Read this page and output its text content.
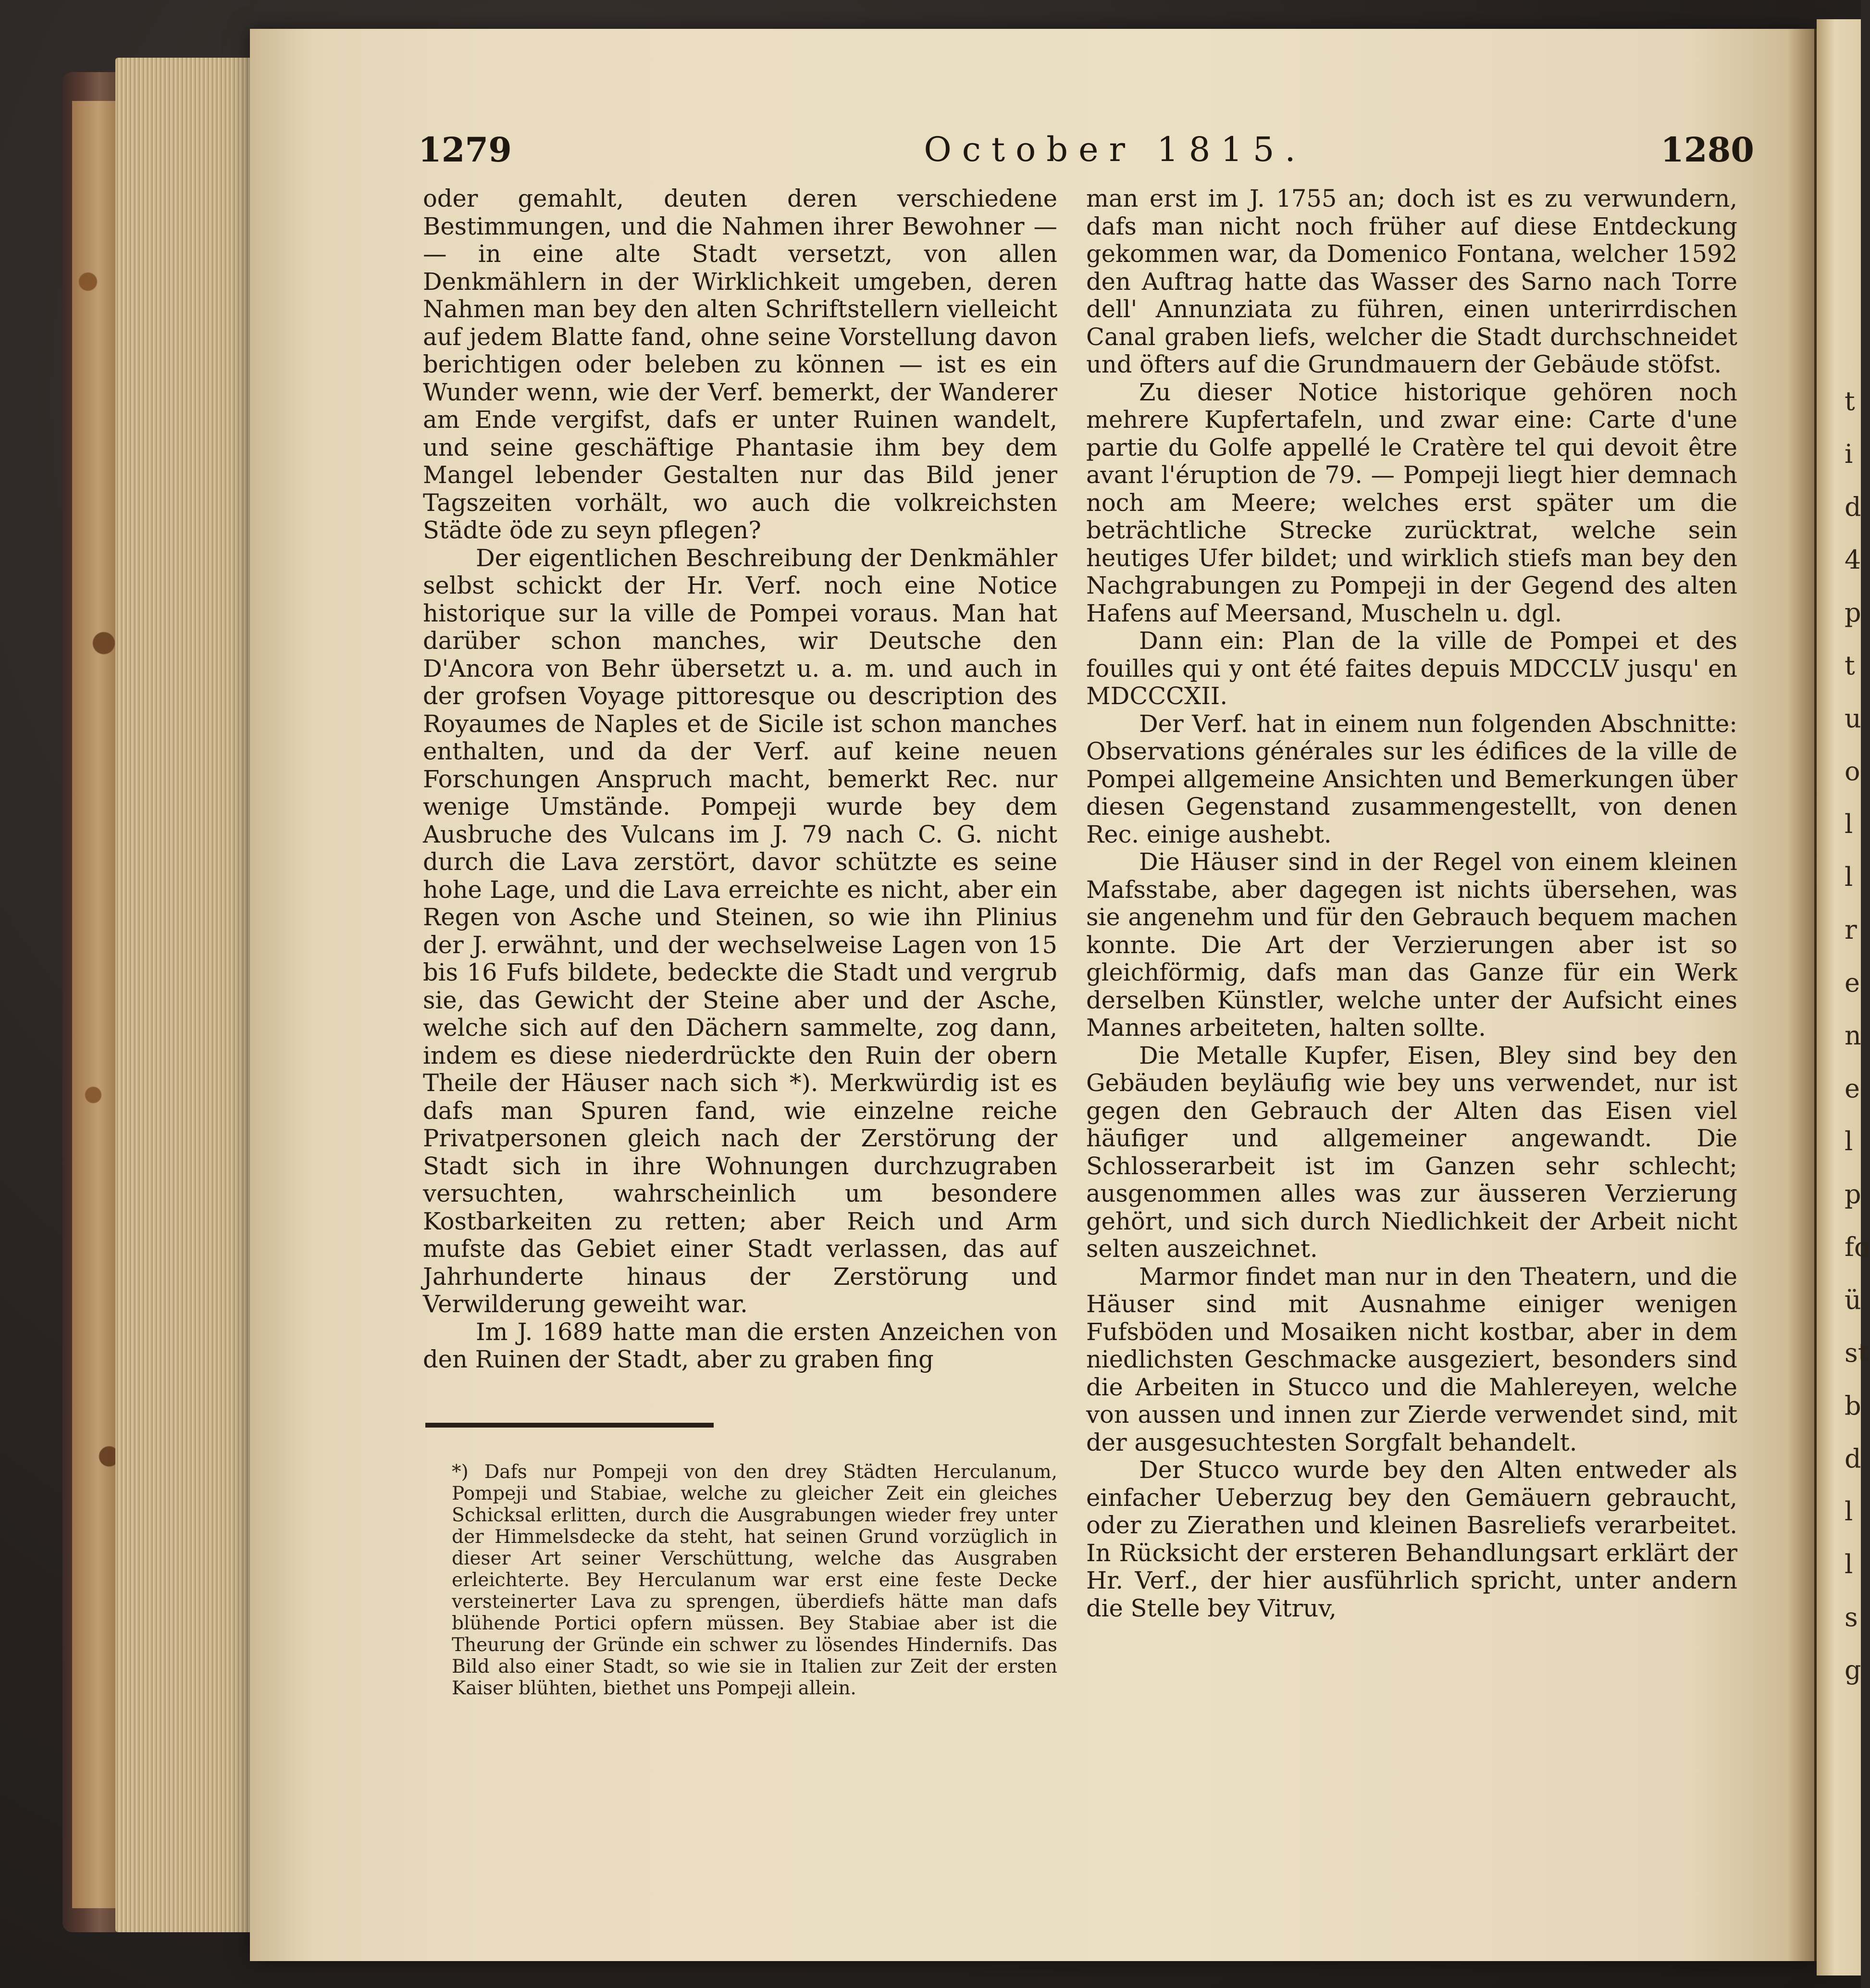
t i d 4 p t u o l l r e n e l p fo ü st b d l l s g
1279	October 1815.	1280

oder gemahlt, deuten deren verschiedene Bestimmungen, und die Nahmen ihrer Bewohner — — in eine alte Stadt versetzt, von allen Denkmählern in der Wirklichkeit umgeben, deren Nahmen man bey den alten Schriftstellern vielleicht auf jedem Blatte fand, ohne seine Vorstellung davon berichtigen oder beleben zu können — ist es ein Wunder wenn, wie der Verf. bemerkt, der Wanderer am Ende vergifst, dafs er unter Ruinen wandelt, und seine geschäftige Phantasie ihm bey dem Mangel lebender Gestalten nur das Bild jener Tagszeiten vorhält, wo auch die volkreichsten Städte öde zu seyn pflegen?

Der eigentlichen Beschreibung der Denkmähler selbst schickt der Hr. Verf. noch eine Notice historique sur la ville de Pompei voraus. Man hat darüber schon manches, wir Deutsche den D'Ancora von Behr übersetzt u. a. m. und auch in der grofsen Voyage pittoresque ou description des Royaumes de Naples et de Sicile ist schon manches enthalten, und da der Verf. auf keine neuen Forschungen Anspruch macht, bemerkt Rec. nur wenige Umstände. Pompeji wurde bey dem Ausbruche des Vulcans im J. 79 nach C. G. nicht durch die Lava zerstört, davor schützte es seine hohe Lage, und die Lava erreichte es nicht, aber ein Regen von Asche und Steinen, so wie ihn Plinius der J. erwähnt, und der wechselweise Lagen von 15 bis 16 Fufs bildete, bedeckte die Stadt und vergrub sie, das Gewicht der Steine aber und der Asche, welche sich auf den Dächern sammelte, zog dann, indem es diese niederdrückte den Ruin der obern Theile der Häuser nach sich *). Merkwürdig ist es dafs man Spuren fand, wie einzelne reiche Privatpersonen gleich nach der Zerstörung der Stadt sich in ihre Wohnungen durchzugraben versuchten, wahrscheinlich um besondere Kostbarkeiten zu retten; aber Reich und Arm mufste das Gebiet einer Stadt verlassen, das auf Jahrhunderte hinaus der Zerstörung und Verwilderung geweiht war.

Im J. 1689 hatte man die ersten Anzeichen von den Ruinen der Stadt, aber zu graben fing

man erst im J. 1755 an; doch ist es zu verwundern, dafs man nicht noch früher auf diese Entdeckung gekommen war, da Domenico Fontana, welcher 1592 den Auftrag hatte das Wasser des Sarno nach Torre dell' Annunziata zu führen, einen unterirrdischen Canal graben liefs, welcher die Stadt durchschneidet und öfters auf die Grundmauern der Gebäude stöfst.

Zu dieser Notice historique gehören noch mehrere Kupfertafeln, und zwar eine: Carte d'une partie du Golfe appellé le Cratère tel qui devoit être avant l'éruption de 79. — Pompeji liegt hier demnach noch am Meere; welches erst später um die beträchtliche Strecke zurücktrat, welche sein heutiges Ufer bildet; und wirklich stiefs man bey den Nachgrabungen zu Pompeji in der Gegend des alten Hafens auf Meersand, Muscheln u. dgl.

Dann ein: Plan de la ville de Pompei et des fouilles qui y ont été faites depuis MDCCLV jusqu' en MDCCCXII.

Der Verf. hat in einem nun folgenden Abschnitte: Observations générales sur les édifices de la ville de Pompei allgemeine Ansichten und Bemerkungen über diesen Gegenstand zusammengestellt, von denen Rec. einige aushebt.

Die Häuser sind in der Regel von einem kleinen Mafsstabe, aber dagegen ist nichts übersehen, was sie angenehm und für den Gebrauch bequem machen konnte. Die Art der Verzierungen aber ist so gleichförmig, dafs man das Ganze für ein Werk derselben Künstler, welche unter der Aufsicht eines Mannes arbeiteten, halten sollte.

Die Metalle Kupfer, Eisen, Bley sind bey den Gebäuden beyläufig wie bey uns verwendet, nur ist gegen den Gebrauch der Alten das Eisen viel häufiger und allgemeiner angewandt. Die Schlosserarbeit ist im Ganzen sehr schlecht; ausgenommen alles was zur äusseren Verzierung gehört, und sich durch Niedlichkeit der Arbeit nicht selten auszeichnet.

Marmor findet man nur in den Theatern, und die Häuser sind mit Ausnahme einiger wenigen Fufsböden und Mosaiken nicht kostbar, aber in dem niedlichsten Geschmacke ausgeziert, besonders sind die Arbeiten in Stucco und die Mahlereyen, welche von aussen und innen zur Zierde verwendet sind, mit der ausgesuchtesten Sorgfalt behandelt.

Der Stucco wurde bey den Alten entweder als einfacher Ueberzug bey den Gemäuern gebraucht, oder zu Zierathen und kleinen Basreliefs verarbeitet. In Rücksicht der ersteren Behandlungsart erklärt der Hr. Verf., der hier ausführlich spricht, unter andern die Stelle bey Vitruv,

*) Dafs nur Pompeji von den drey Städten Herculanum, Pompeji und Stabiae, welche zu gleicher Zeit ein gleiches Schicksal erlitten, durch die Ausgrabungen wieder frey unter der Himmelsdecke da steht, hat seinen Grund vorzüglich in dieser Art seiner Verschüttung, welche das Ausgraben erleichterte. Bey Herculanum war erst eine feste Decke versteinerter Lava zu sprengen, überdiefs hätte man dafs blühende Portici opfern müssen. Bey Stabiae aber ist die Theurung der Gründe ein schwer zu lösendes Hindernifs. Das Bild also einer Stadt, so wie sie in Italien zur Zeit der ersten Kaiser blühten, biethet uns Pompeji allein.
